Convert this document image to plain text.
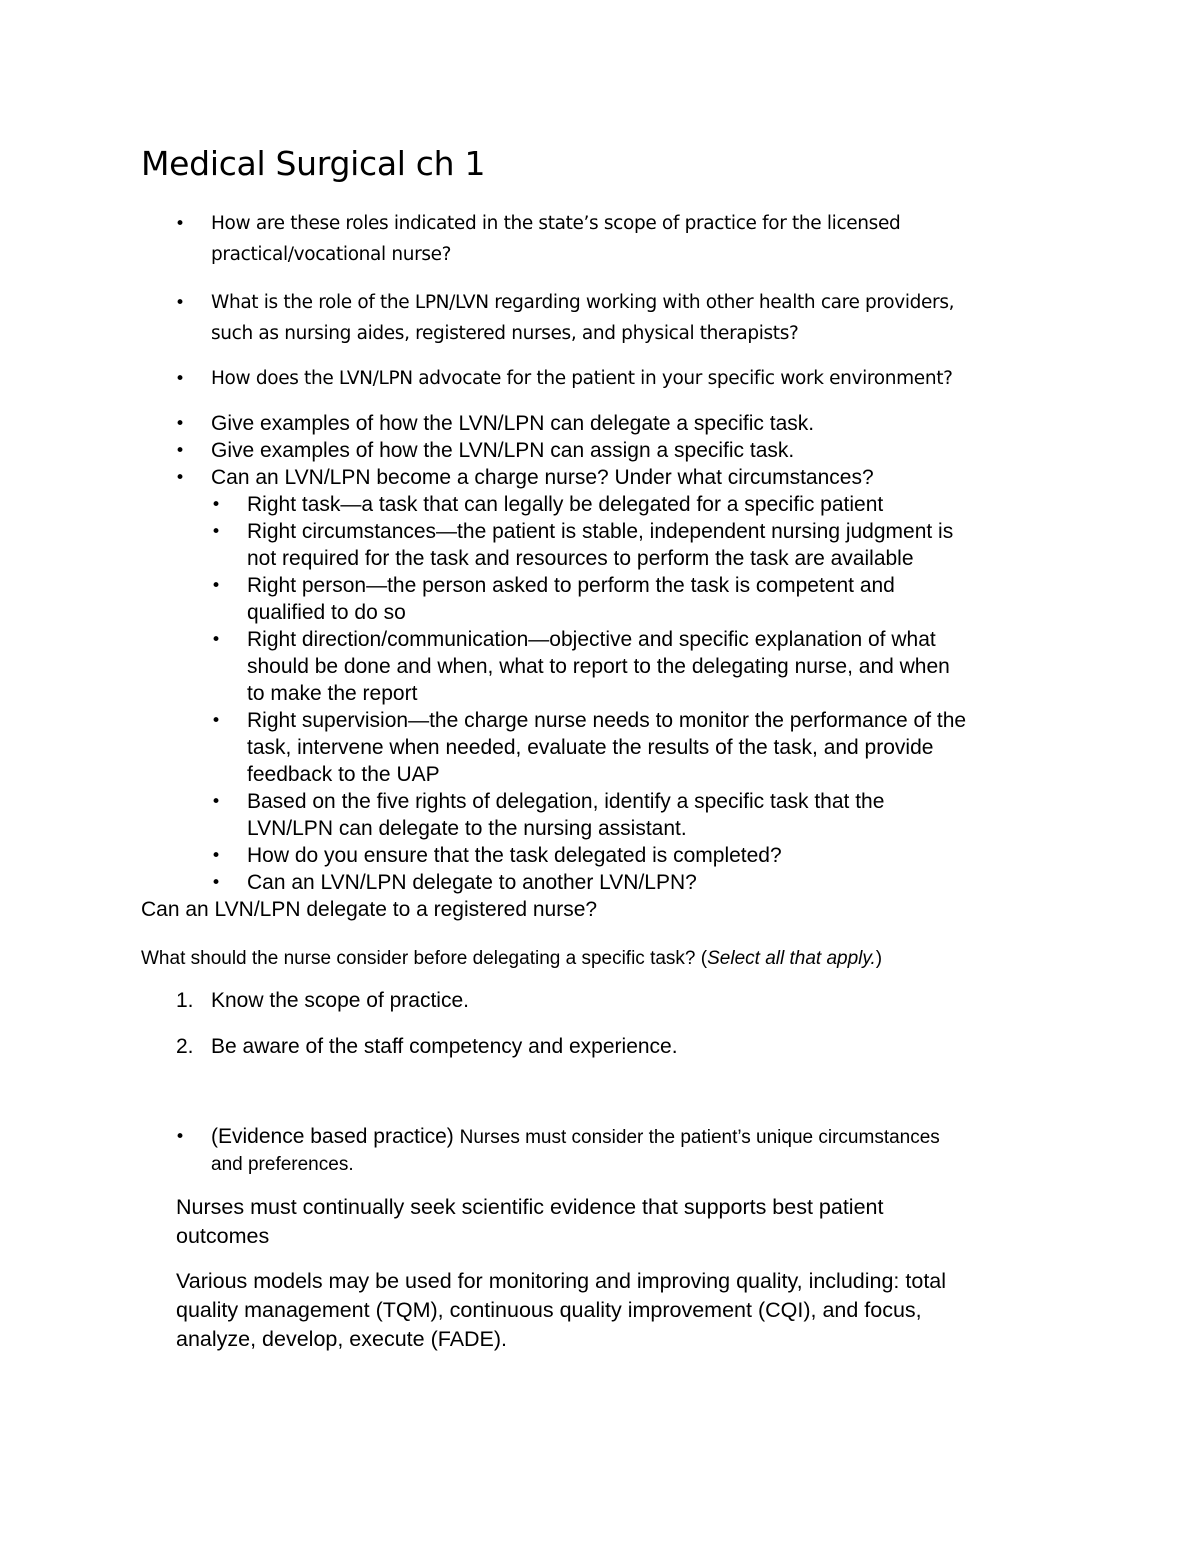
Medical Surgical ch 1
• How are these roles indicated in the state’s scope of practice for the licensed
practical/vocational nurse?
• What is the role of the LPN/LVN regarding working with other health care providers,
such as nursing aides, registered nurses, and physical therapists?
• How does the LVN/LPN advocate for the patient in your specific work environment?
• Give examples of how the LVN/LPN can delegate a specific task.
• Give examples of how the LVN/LPN can assign a specific task.
• Can an LVN/LPN become a charge nurse? Under what circumstances?
• Right task—a task that can legally be delegated for a specific patient
• Right circumstances—the patient is stable, independent nursing judgment is
not required for the task and resources to perform the task are available
• Right person—the person asked to perform the task is competent and
qualified to do so
• Right direction/communication—objective and specific explanation of what
should be done and when, what to report to the delegating nurse, and when
to make the report
• Right supervision—the charge nurse needs to monitor the performance of the
task, intervene when needed, evaluate the results of the task, and provide
feedback to the UAP
• Based on the five rights of delegation, identify a specific task that the
LVN/LPN can delegate to the nursing assistant.
• How do you ensure that the task delegated is completed?
• Can an LVN/LPN delegate to another LVN/LPN?
Can an LVN/LPN delegate to a registered nurse?
What should the nurse consider before delegating a specific task? (Select all that apply.)
1. Know the scope of practice.
2. Be aware of the staff competency and experience.
• (Evidence based practice) Nurses must consider the patient’s unique circumstances
and preferences.
Nurses must continually seek scientific evidence that supports best patient
outcomes
Various models may be used for monitoring and improving quality, including: total
quality management (TQM), continuous quality improvement (CQI), and focus,
analyze, develop, execute (FADE).
